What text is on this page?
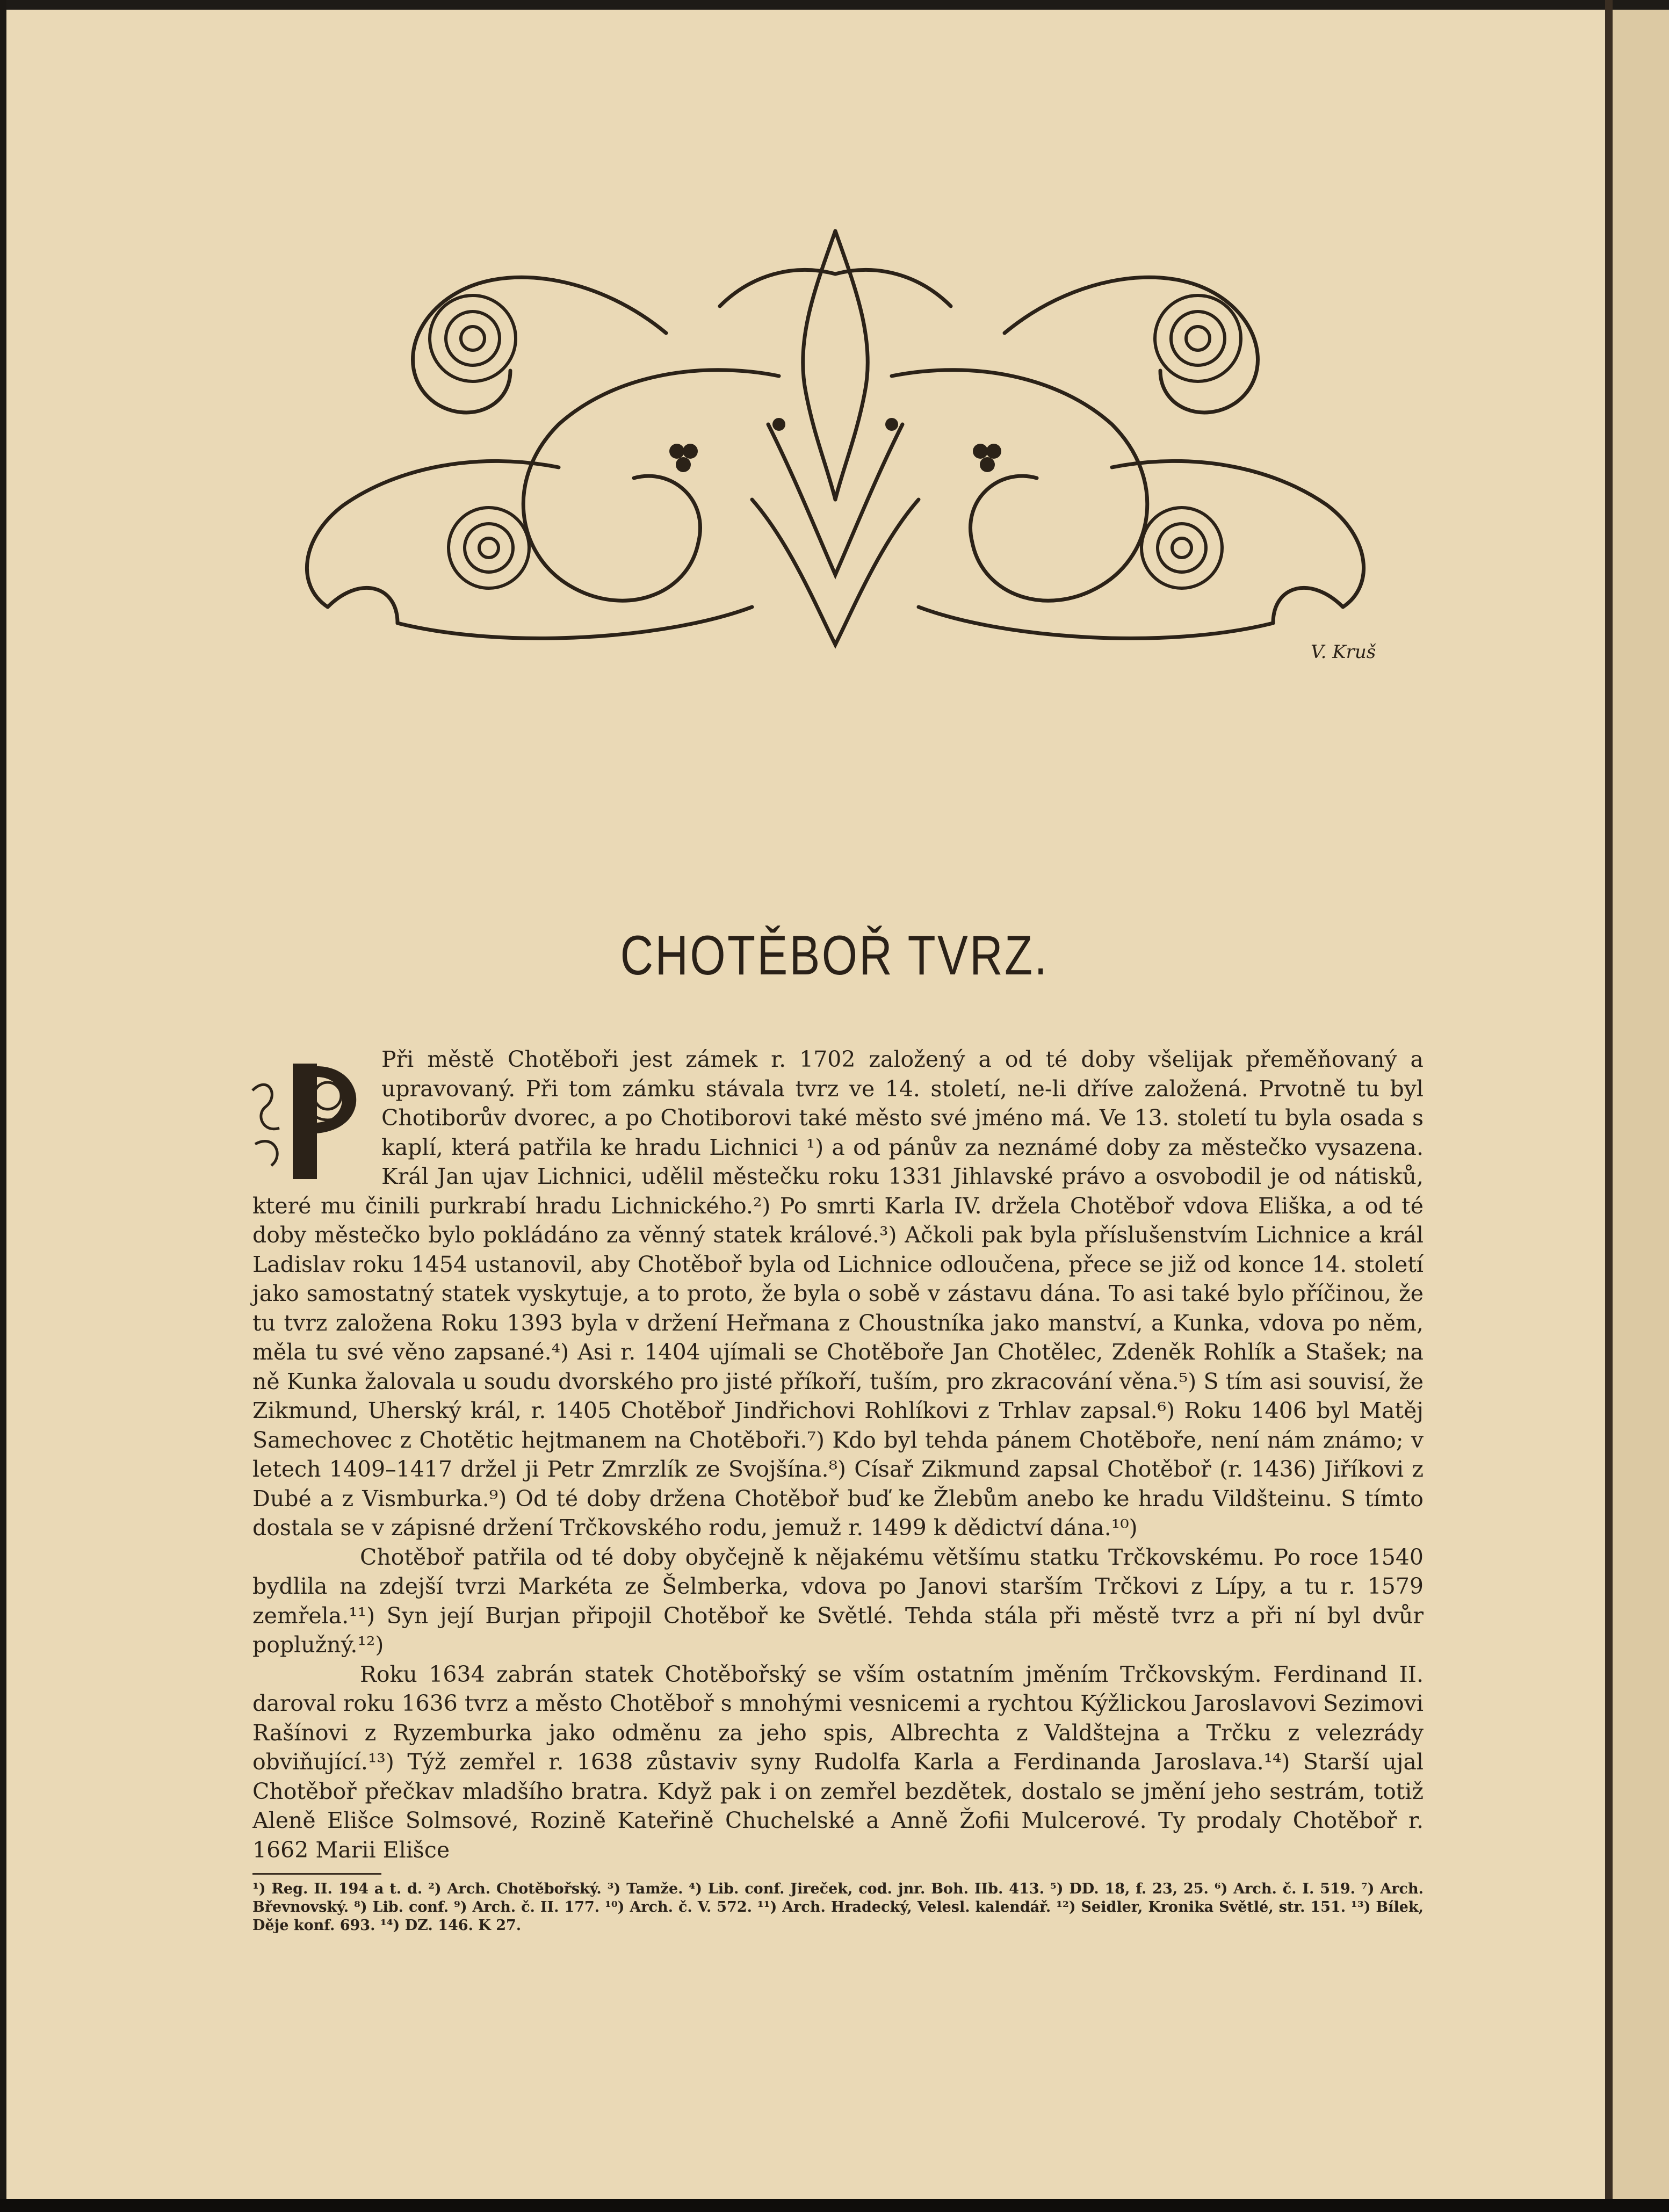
V. Kruš
CHOTĚBOŘ TVRZ.

Při městě Chotěboři jest zámek r. 1702 založený a od té doby všelijak přeměňovaný a upravovaný. Při tom zámku stávala tvrz ve 14. století, ne-li dříve založená. Prvotně tu byl Chotiborův dvorec, a po Chotiborovi také město své jméno má. Ve 13. století tu byla osada s kaplí, která patřila ke hradu Lichnici ¹) a od pánův za neznámé doby za městečko vysazena. Král Jan ujav Lichnici, udělil městečku roku 1331 Jihlavské právo a osvobodil je od nátisků, které mu činili purkrabí hradu Lichnického.²) Po smrti Karla IV. držela Chotěboř vdova Eliška, a od té doby městečko bylo pokládáno za věnný statek králové.³) Ačkoli pak byla příslušenstvím Lichnice a král Ladislav roku 1454 ustanovil, aby Chotěboř byla od Lichnice odloučena, přece se již od konce 14. století jako samostatný statek vyskytuje, a to proto, že byla o sobě v zástavu dána. To asi také bylo příčinou, že tu tvrz založena Roku 1393 byla v držení Heřmana z Choustníka jako manství, a Kunka, vdova po něm, měla tu své věno zapsané.⁴) Asi r. 1404 ujímali se Chotěboře Jan Chotělec, Zdeněk Rohlík a Stašek; na ně Kunka žalovala u soudu dvorského pro jisté příkoří, tuším, pro zkracování věna.⁵) S tím asi souvisí, že Zikmund, Uherský král, r. 1405 Chotěboř Jindřichovi Rohlíkovi z Trhlav zapsal.⁶) Roku 1406 byl Matěj Samechovec z Chotětic hejtmanem na Chotěboři.⁷) Kdo byl tehda pánem Chotěboře, není nám známo; v letech 1409–1417 držel ji Petr Zmrzlík ze Svojšína.⁸) Císař Zikmund zapsal Chotěboř (r. 1436) Jiříkovi z Dubé a z Vismburka.⁹) Od té doby držena Chotěboř buď ke Žlebům anebo ke hradu Vildšteinu. S tímto dostala se v zápisné držení Trčkovského rodu, jemuž r. 1499 k dědictví dána.¹⁰)

Chotěboř patřila od té doby obyčejně k nějakému většímu statku Trčkovskému. Po roce 1540 bydlila na zdejší tvrzi Markéta ze Šelmberka, vdova po Janovi starším Trčkovi z Lípy, a tu r. 1579 zemřela.¹¹) Syn její Burjan připojil Chotěboř ke Světlé. Tehda stála při městě tvrz a při ní byl dvůr poplužný.¹²)

Roku 1634 zabrán statek Chotěbořský se vším ostatním jměním Trčkovským. Ferdinand II. daroval roku 1636 tvrz a město Chotěboř s mnohými vesnicemi a rychtou Kýžlickou Jaroslavovi Sezimovi Rašínovi z Ryzemburka jako odměnu za jeho spis, Albrechta z Valdštejna a Trčku z velezrády obviňující.¹³) Týž zemřel r. 1638 zůstaviv syny Rudolfa Karla a Ferdinanda Jaroslava.¹⁴) Starší ujal Chotěboř přečkav mladšího bratra. Když pak i on zemřel bezdětek, dostalo se jmění jeho sestrám, totiž Aleně Elišce Solmsové, Rozině Kateřině Chuchelské a Anně Žofii Mulcerové. Ty prodaly Chotěboř r. 1662 Marii Elišce

¹) Reg. II. 194 a t. d. ²) Arch. Chotěbořský. ³) Tamže. ⁴) Lib. conf. Jireček, cod. jnr. Boh. IIb. 413. ⁵) DD. 18, f. 23, 25. ⁶) Arch. č. I. 519. ⁷) Arch. Břevnovský. ⁸) Lib. conf. ⁹) Arch. č. II. 177. ¹⁰) Arch. č. V. 572. ¹¹) Arch. Hradecký, Velesl. kalendář. ¹²) Seidler, Kronika Světlé, str. 151. ¹³) Bílek, Děje konf. 693. ¹⁴) DZ. 146. K 27.
